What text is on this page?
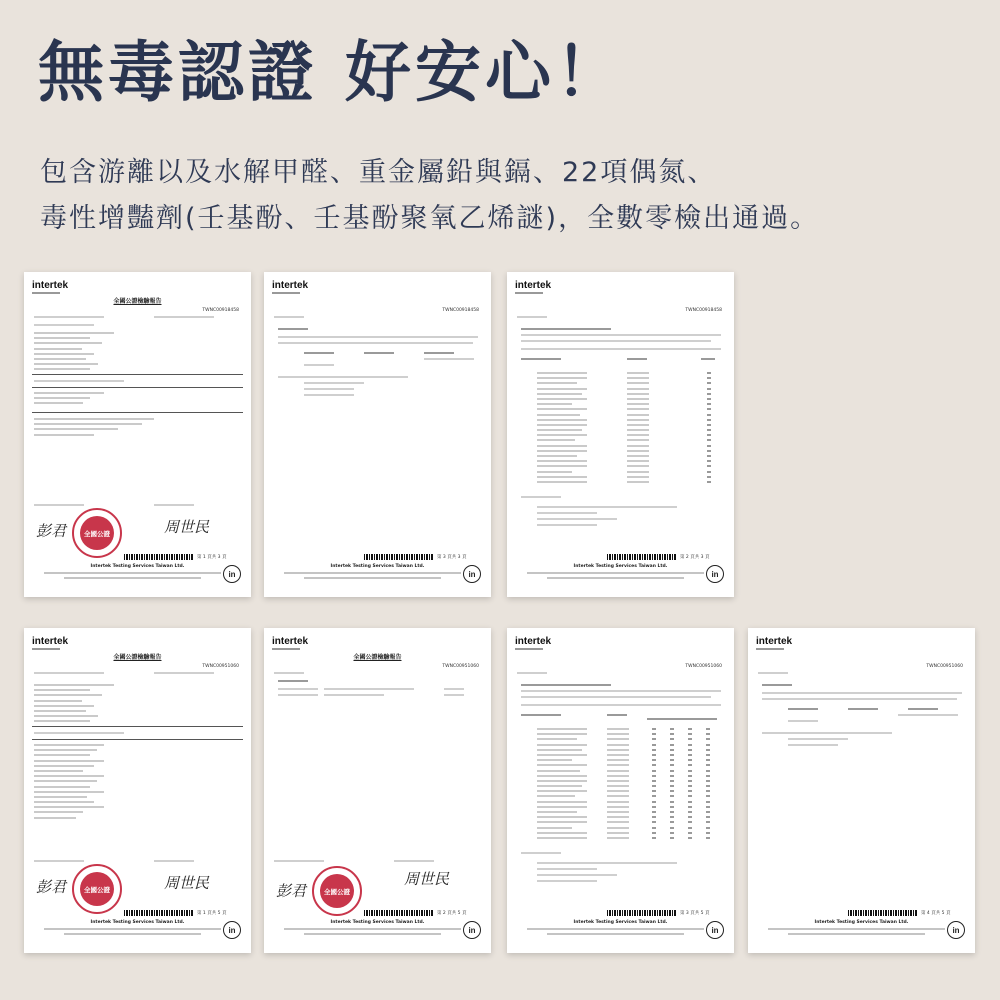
無毒認證 好安心！

包含游離以及水解甲醛、重金屬鉛與鎘、22項偶氮、

毒性增豔劑(壬基酚、壬基酚聚氧乙烯謎)，全數零檢出通過。

intertek
全國公證檢驗報告
TWNC00918458
彭君	全國公證	周世民
第 1 頁共 3 頁
Intertek Testing Services Taiwan Ltd.
in
intertek
TWNC00918458
第 3 頁共 3 頁
Intertek Testing Services Taiwan Ltd.
in
intertek
TWNC00918458
第 2 頁共 3 頁
Intertek Testing Services Taiwan Ltd.
in
intertek
全國公證檢驗報告
TWNC00951060
彭君	全國公證	周世民
第 1 頁共 5 頁
Intertek Testing Services Taiwan Ltd.
in
intertek
全國公證檢驗報告
TWNC00951060
彭君	全國公證
周世民
第 2 頁共 5 頁
Intertek Testing Services Taiwan Ltd.
in
intertek
TWNC00951060
第 3 頁共 5 頁
Intertek Testing Services Taiwan Ltd.
in
intertek
TWNC00951060
第 4 頁共 5 頁
Intertek Testing Services Taiwan Ltd.
in
